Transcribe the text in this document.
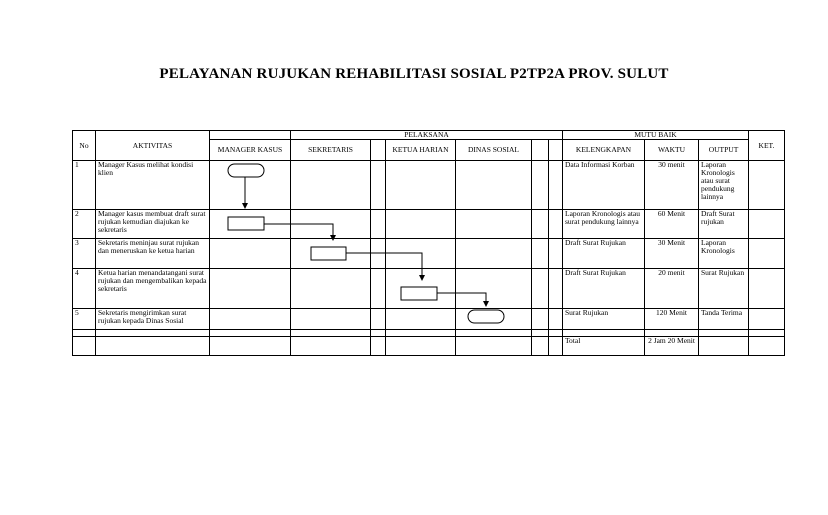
PELAYANAN RUJUKAN REHABILITASI SOSIAL P2TP2A PROV. SULUT
No	AKTIVITAS		PELAKSANA						MUTU BAIK			KET.
		MANAGER KASUS	SEKRETARIS		KETUA HARIAN	DINAS SOSIAL			KELENGKAPAN	WAKTU	OUTPUT	
1	Manager Kasus melihat kondisi klien								Data Informasi Korban	30 menit	Laporan Kronologis atau surat pendukung lainnya	
2	Manager kasus membuat draft surat rujukan kemudian diajukan ke sekretaris								Laporan Kronologis atau surat pendukung lainnya	60 Menit	Draft Surat rujukan	
3	Sekretaris meninjau surat rujukan dan meneruskan ke ketua harian								Draft Surat Rujukan	30 Menit	Laporan Kronologis	
4	Ketua harian menandatangani surat rujukan dan mengembalikan kepada sekretaris								Draft Surat Rujukan	20 menit	Surat Rujukan	
5	Sekretaris mengirimkan surat rujukan kepada Dinas Sosial								Surat Rujukan	120 Menit	Tanda Terima	

									Total	2 Jam 20 Menit		
